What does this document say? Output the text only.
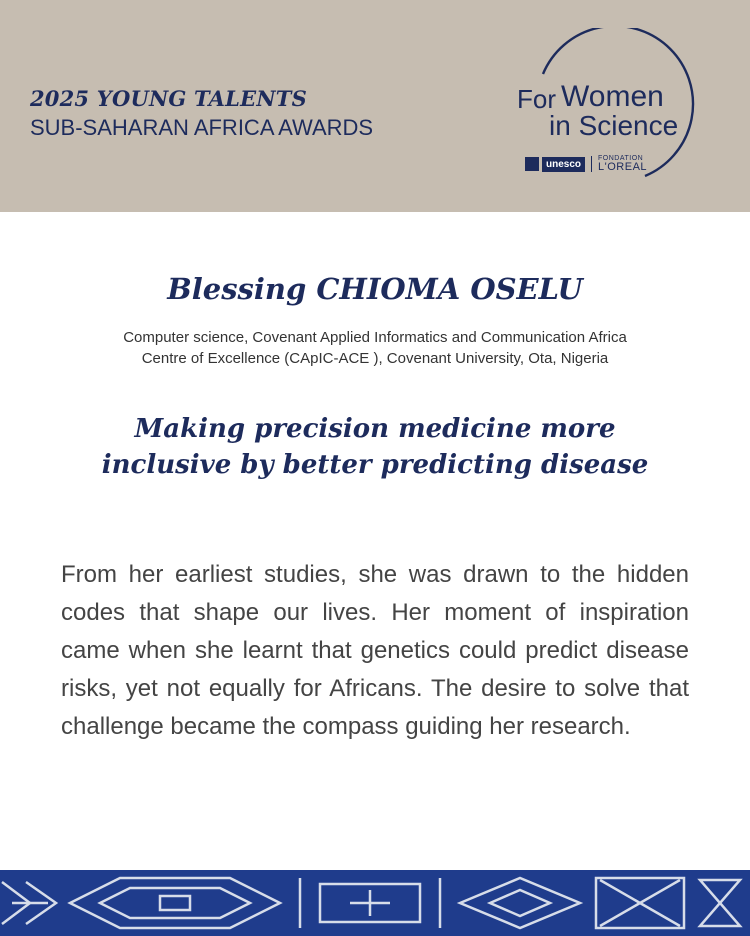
2025 YOUNG TALENTS
SUB-SAHARAN AFRICA AWARDS
For Women
in Science
unesco	FONDATION
L'OREAL
Blessing CHIOMA OSELU
Computer science, Covenant Applied Informatics and Communication Africa
Centre of Excellence (CApIC-ACE ), Covenant University, Ota, Nigeria
Making precision medicine more
inclusive by better predicting disease
From her earliest studies, she was drawn to the hidden codes that shape our lives. Her moment of inspiration came when she learnt that genetics could predict disease risks, yet not equally for Africans. The desire to solve that challenge became the compass guiding her research.
